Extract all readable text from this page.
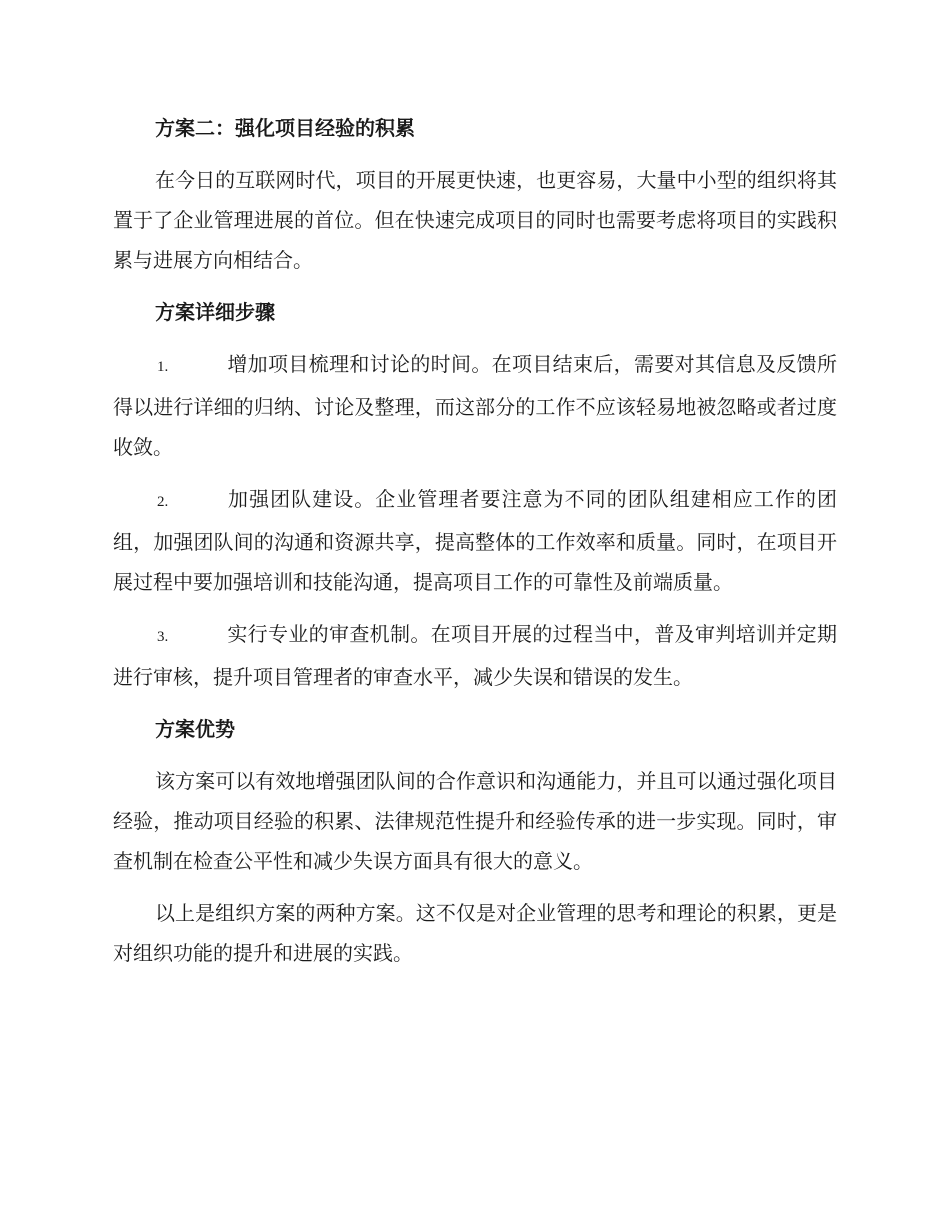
方案二：强化项目经验的积累
在今日的互联网时代，项目的开展更快速，也更容易，大量中小型的组织将其置于了企业管理进展的首位。但在快速完成项目的同时也需要考虑将项目的实践积累与进展方向相结合。
方案详细步骤
1.	增加项目梳理和讨论的时间。在项目结束后，需要对其信息及反馈所得以进行详细的归纳、讨论及整理，而这部分的工作不应该轻易地被忽略或者过度收敛。
2.	加强团队建设。企业管理者要注意为不同的团队组建相应工作的团组，加强团队间的沟通和资源共享，提高整体的工作效率和质量。同时，在项目开展过程中要加强培训和技能沟通，提高项目工作的可靠性及前端质量。
3.	实行专业的审查机制。在项目开展的过程当中，普及审判培训并定期进行审核，提升项目管理者的审查水平，减少失误和错误的发生。
方案优势
该方案可以有效地增强团队间的合作意识和沟通能力，并且可以通过强化项目经验，推动项目经验的积累、法律规范性提升和经验传承的进一步实现。同时，审查机制在检查公平性和减少失误方面具有很大的意义。
以上是组织方案的两种方案。这不仅是对企业管理的思考和理论的积累，更是对组织功能的提升和进展的实践。
